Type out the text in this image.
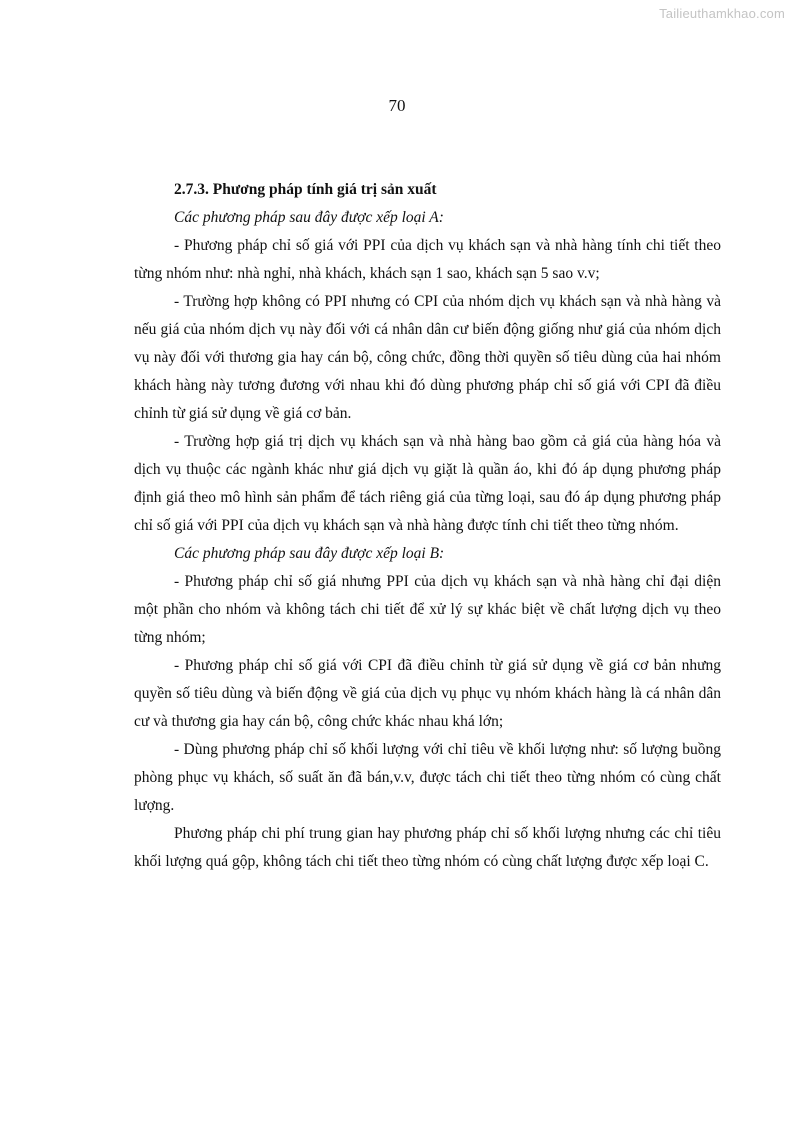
Tailieuthamkhao.com
70

2.7.3. Phương pháp tính giá trị sản xuất

Các phương pháp sau đây được xếp loại A:

- Phương pháp chỉ số giá với PPI của dịch vụ khách sạn và nhà hàng tính chi tiết theo từng nhóm như: nhà nghỉ, nhà khách, khách sạn 1 sao, khách sạn 5 sao v.v;

- Trường hợp không có PPI nhưng có CPI của nhóm dịch vụ khách sạn và nhà hàng và nếu giá của nhóm dịch vụ này đối với cá nhân dân cư biến động giống như giá của nhóm dịch vụ này đối với thương gia hay cán bộ, công chức, đồng thời quyền số tiêu dùng của hai nhóm khách hàng này tương đương với nhau khi đó dùng phương pháp chỉ số giá với CPI đã điều chỉnh từ giá sử dụng về giá cơ bản.

- Trường hợp giá trị dịch vụ khách sạn và nhà hàng bao gồm cả giá của hàng hóa và dịch vụ thuộc các ngành khác như giá dịch vụ giặt là quần áo, khi đó áp dụng phương pháp định giá theo mô hình sản phẩm để tách riêng giá của từng loại, sau đó áp dụng phương pháp chỉ số giá với PPI của dịch vụ khách sạn và nhà hàng được tính chi tiết theo từng nhóm.

Các phương pháp sau đây được xếp loại B:

- Phương pháp chỉ số giá nhưng PPI của dịch vụ khách sạn và nhà hàng chỉ đại diện một phần cho nhóm và không tách chi tiết để xử lý sự khác biệt về chất lượng dịch vụ theo từng nhóm;

- Phương pháp chỉ số giá với CPI đã điều chỉnh từ giá sử dụng về giá cơ bản nhưng quyền số tiêu dùng và biến động về giá của dịch vụ phục vụ nhóm khách hàng là cá nhân dân cư và thương gia hay cán bộ, công chức khác nhau khá lớn;

- Dùng phương pháp chỉ số khối lượng với chỉ tiêu về khối lượng như: số lượng buồng phòng phục vụ khách, số suất ăn đã bán,v.v, được tách chi tiết theo từng nhóm có cùng chất lượng.

Phương pháp chi phí trung gian hay phương pháp chỉ số khối lượng nhưng các chỉ tiêu khối lượng quá gộp, không tách chi tiết theo từng nhóm có cùng chất lượng được xếp loại C.
